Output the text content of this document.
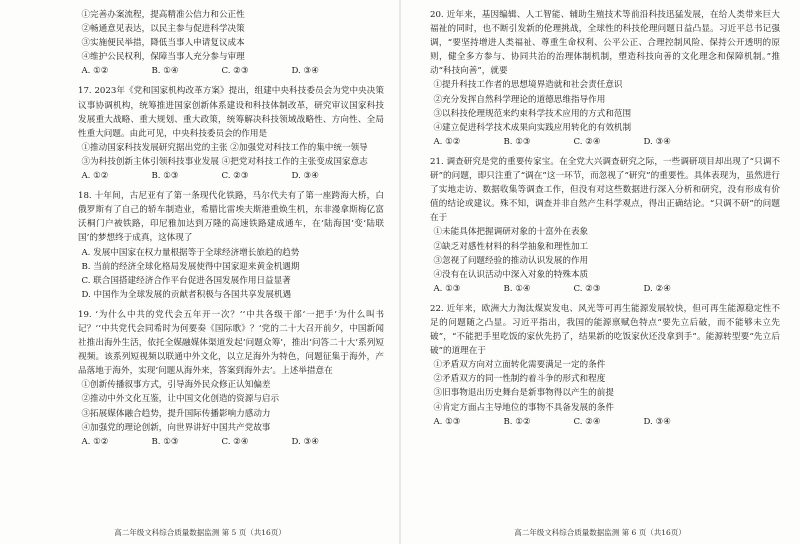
①完善办案流程，提高精准公信力和公正性

②畅通意见表达，以民主参与促进科学决策

③实施便民举措，降低当事人申请复议成本

④维护公民权利，保障当事人充分参与审理

A. ①②	B. ①④	C. ②③	D. ③④

17. 2023年《党和国家机构改革方案》提出，组建中央科技委员会为党中央决策议事协调机构，统筹推进国家创新体系建设和科技体制改革，研究审议国家科技发展重大战略、重大规划、重大政策，统筹解决科技领域战略性、方向性、全局性重大问题。由此可见，中央科技委员会的作用是

①推动国家科技发展研究据出党的主张 ②加强党对科技工作的集中统一领导

③为科技创新主体引领科技事业发展 ④把党对科技工作的主张变成国家意志

A. ①②	B. ①③	C. ②③	D. ③④

18. 十年间，古尼亚有了第一条现代化铁路，马尔代夫有了第一座跨海大桥，白俄罗斯有了自己的轿车制造业，希腊比雷埃夫斯港重焕生机，东非漫拿斯梅亿富沃桐门户被铁路，印尼雅加达到万隆的高速铁路建成通车，在‘陆海国’变‘陆联国’的梦想终于成真，这体现了

A. 发展中国家在权力量根据等于全球经济增长旅趋的趋势

B. 当前的经济全球化格局发展使得中国家迎来黄金机遇期

C. 联合国搭建经济合作平台促进各国发展作用日益显著

D. 中国作为全球发展的贡献者积极与各国共享发展机遇

19. ‘为什么中共的党代会五年开一次？’‘中共各级干部‘一把手’为什么叫书记？’‘中共党代会同希时为何要奏《国际歌》？’党的二十大召开前夕，中国新闻社推出海外生活，依托全媒融媒体渠道发起‘问题众筹’，推出‘问答二十大’系列短视频。该系列短视频以联通中外文化，以立足海外为特色，问题征集于海外，产品落地于海外，实现‘问题从海外来，答案到海外去’。上述举措意在

①创新传播叙事方式，引导海外民众修正认知偏差

②推动中外文化互鉴，让中国文化创造的资源与启示

③拓展媒体融合趋势，提升国际传播影响力感动力

④加强党的理论创新，向世界讲好中国共产党故事

A. ①②	B. ①③	C. ②④	D. ③④
高二年级文科综合质量数据监测 第 5 页（共16页）

20. 近年来，基因编辑、人工智能、辅助生殖技术等前沿科技迅猛发展，在给人类带来巨大福祉的同时，也不断引发新的伦理挑战，全球性的科技伦理问题日益凸显。习近平总书记强调，“要坚持增进人类福祉、尊重生命权利、公平公正、合理控制风险、保持公开透明的原则，健全多方参与、协同共治的治理体制机制，塑造科技向善的文化理念和保障机制。”推动“科技向善”，就要

①提升科技工作者的思想境界造就和社会责任意识

②充分发挥自然科学理论的道德思维指导作用

③以科技伦理规范来约束科学技术应用的方式和范围

④建立促进科学技术成果向实践应用转化的有效机制

A. ①②	B. ①③	C. ②④	D. ③④

21. 调查研究是党的重要传家宝。在全党大兴调查研究之际，一些调研项目却出现了“只调不研”的问题，即只注重了“调在”这一环节，而忽视了“研究”的重要性。具体表现为，虽然进行了实地走访、数据收集等调查工作，但没有对这些数据进行深入分析和研究，没有形成有价值的结论或建议。殊不知，调查并非自然产生科学观点，得出正确结论。“只调不研”的问题在于

①未能具体把握调研对象的十富外在表象

②缺乏对感性材料的科学抽象和理性加工

③忽视了问题经验的推动认识发展的作用

④没有在认识活动中深入对象的特殊本质

A. ①③	B. ①④	C. ②③	D. ②④

22. 近年来，欧洲大力淘汰煤炭发电、风光等可再生能源发展较快，但可再生能源稳定性不足的问题随之凸显。习近平指出，我国的能源禀赋色特点“要先立后破，而不能够未立先破”，“不能把手里吃饭的家伙先扔了，结果新的吃饭家伙还没拿到手”。能源转型要“先立后破”的道理在于

①矛盾双方向对立面转化需要满足一定的条件

②矛盾双方的同一性制约着斗争的形式和程度

③旧事物退出历史舞台是新事物得以产生的前提

④肯定方面占主导地位的事物不具备发展的条件

A. ①③	B. ①②	C. ②④	D. ③④
高二年级文科综合质量数据监测 第 6 页（共16页）
